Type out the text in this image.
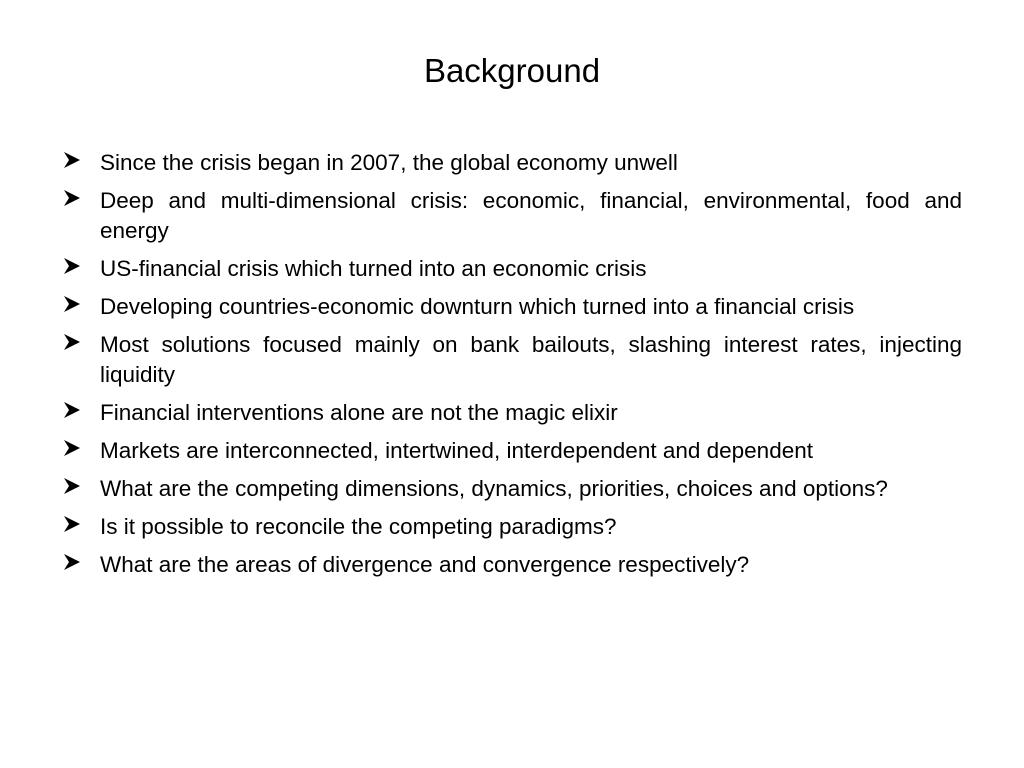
Background
Since the crisis began in 2007, the global economy unwell
Deep and multi-dimensional crisis: economic, financial, environmental, food and energy
US-financial crisis which turned into an economic crisis
Developing countries-economic downturn which turned into a financial crisis
Most solutions focused mainly on bank bailouts, slashing interest rates, injecting liquidity
Financial interventions alone are not the magic elixir
Markets are interconnected, intertwined, interdependent and dependent
What are the competing dimensions, dynamics, priorities, choices and options?
Is it possible to reconcile the competing paradigms?
What are the areas of divergence and convergence respectively?
